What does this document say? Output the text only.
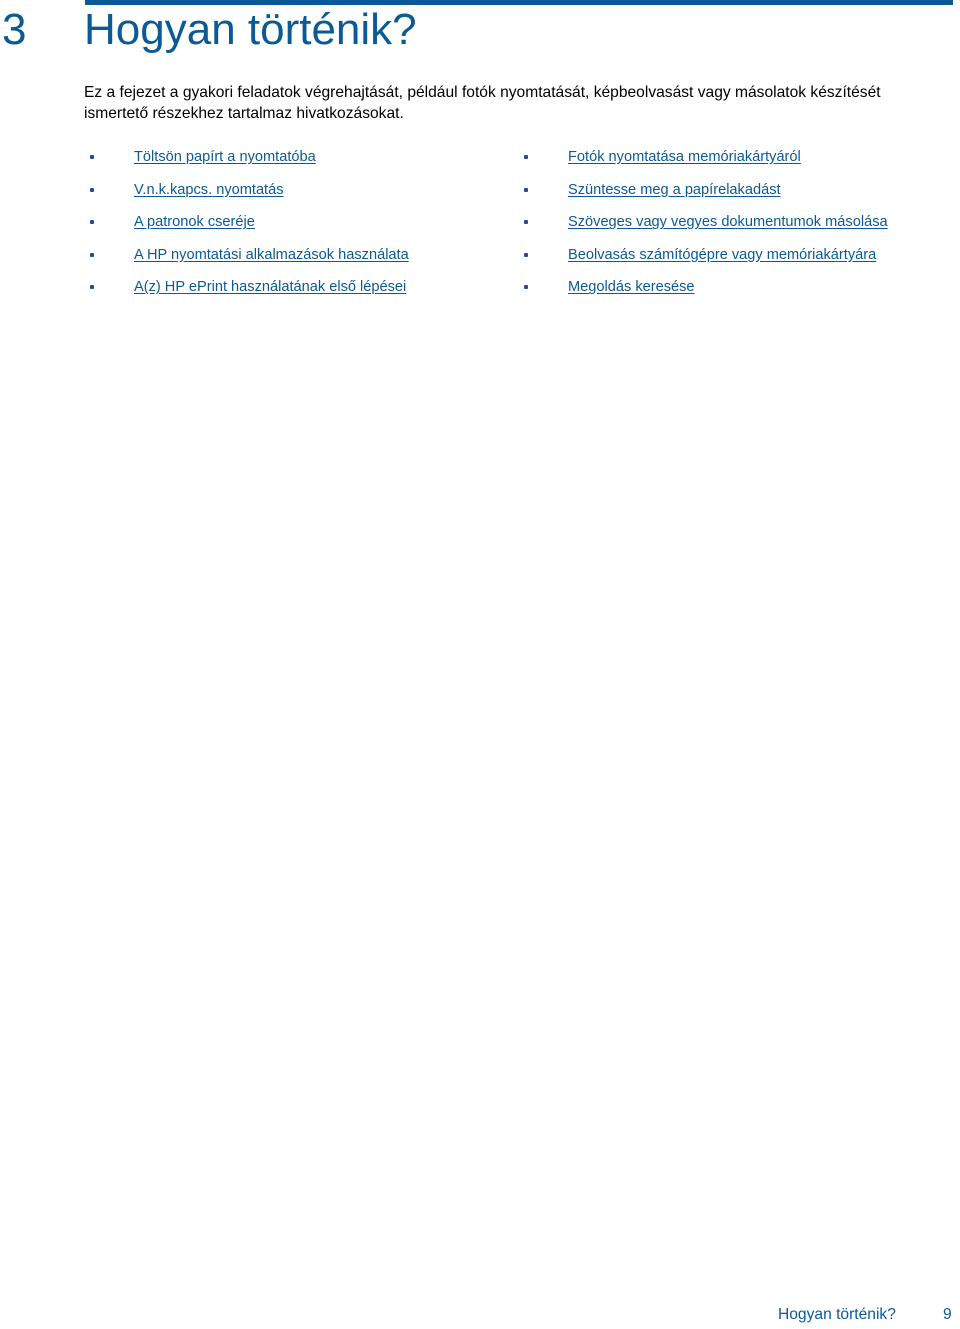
3 Hogyan történik?

Ez a fejezet a gyakori feladatok végrehajtását, például fotók nyomtatását, képbeolvasást vagy másolatok készítését ismertető részekhez tartalmaz hivatkozásokat.

Töltsön papírt a nyomtatóba
V.n.k.kapcs. nyomtatás
A patronok cseréje
A HP nyomtatási alkalmazások használata
A(z) HP ePrint használatának első lépései
Fotók nyomtatása memóriakártyáról
Szüntesse meg a papírelakadást
Szöveges vagy vegyes dokumentumok másolása
Beolvasás számítógépre vagy memóriakártyára
Megoldás keresése
Hogyan történik?	9
